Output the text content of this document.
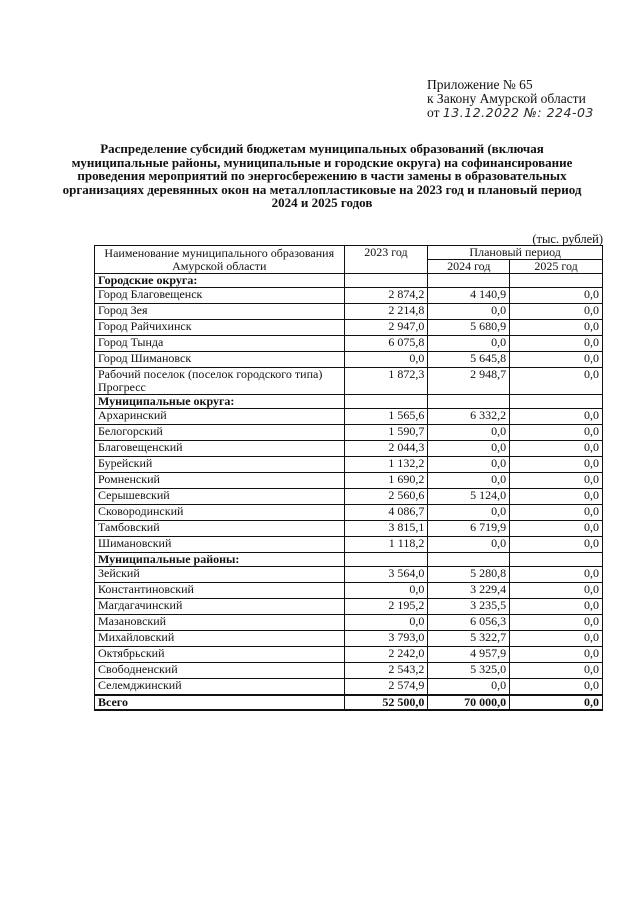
Приложение № 65
к Закону Амурской области
от 13.12.2022 №: 224-03
Распределение субсидий бюджетам муниципальных образований (включая муниципальные районы, муниципальные и городские округа) на софинансирование проведения мероприятий по энергосбережению в части замены в образовательных организациях деревянных окон на металлопластиковые на 2023 год и плановый период 2024 и 2025 годов
(тыс. рублей)
Наименование муниципального образования Амурской области	2023 год	Плановый период	
		2024 год	2025 год
Городские округа:			
Город Благовещенск	2 874,2	4 140,9	0,0
Город Зея	2 214,8	0,0	0,0
Город Райчихинск	2 947,0	5 680,9	0,0
Город Тында	6 075,8	0,0	0,0
Город Шимановск	0,0	5 645,8	0,0
Рабочий поселок (поселок городского типа) Прогресс	1 872,3	2 948,7	0,0
Муниципальные округа:			
Архаринский	1 565,6	6 332,2	0,0
Белогорский	1 590,7	0,0	0,0
Благовещенский	2 044,3	0,0	0,0
Бурейский	1 132,2	0,0	0,0
Ромненский	1 690,2	0,0	0,0
Серышевский	2 560,6	5 124,0	0,0
Сковородинский	4 086,7	0,0	0,0
Тамбовский	3 815,1	6 719,9	0,0
Шимановский	1 118,2	0,0	0,0
Муниципальные районы:			
Зейский	3 564,0	5 280,8	0,0
Константиновский	0,0	3 229,4	0,0
Магдагачинский	2 195,2	3 235,5	0,0
Мазановский	0,0	6 056,3	0,0
Михайловский	3 793,0	5 322,7	0,0
Октябрьский	2 242,0	4 957,9	0,0
Свободненский	2 543,2	5 325,0	0,0
Селемджинский	2 574,9	0,0	0,0
Всего	52 500,0	70 000,0	0,0
